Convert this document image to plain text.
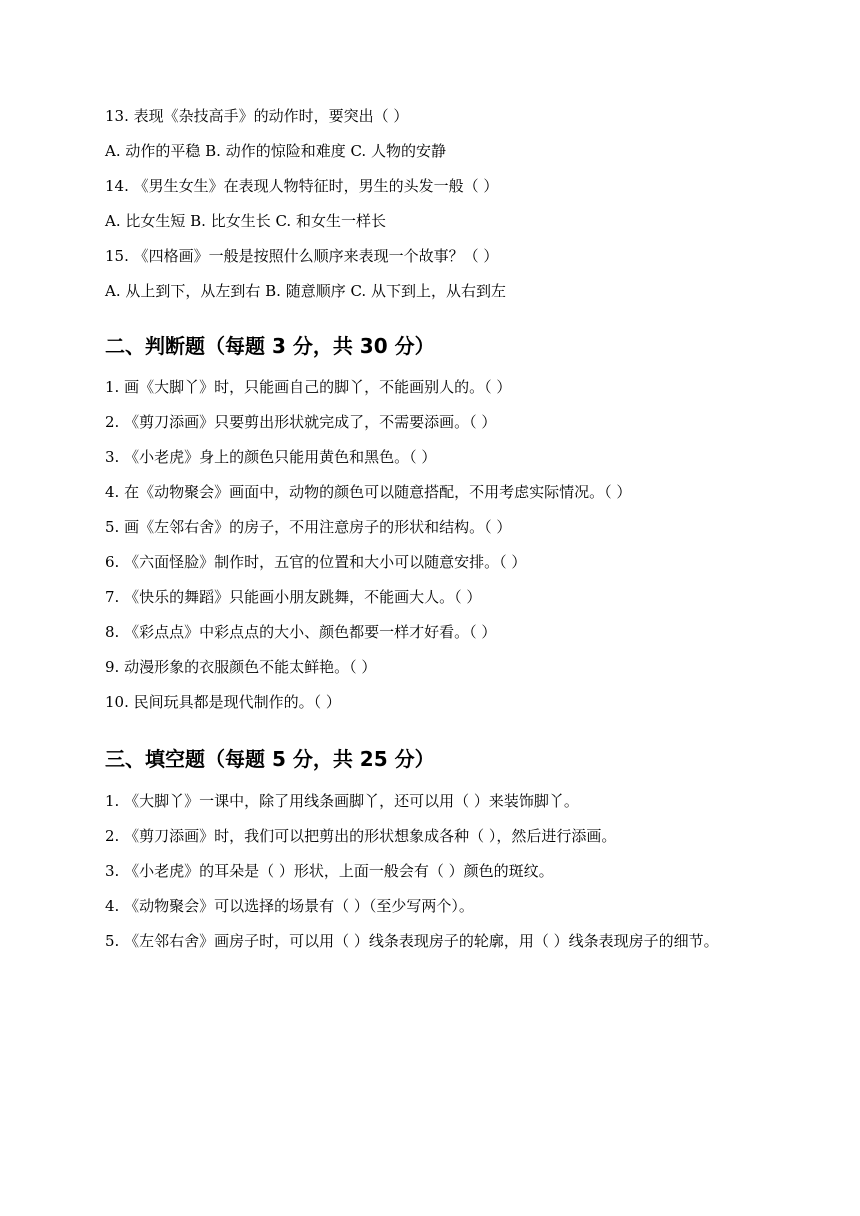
13. 表现《杂技高手》的动作时，要突出（ ）
A. 动作的平稳 B. 动作的惊险和难度 C. 人物的安静
14. 《男生女生》在表现人物特征时，男生的头发一般（ ）
A. 比女生短 B. 比女生长 C. 和女生一样长
15. 《四格画》一般是按照什么顺序来表现一个故事？（ ）
A. 从上到下，从左到右 B. 随意顺序 C. 从下到上，从右到左
二、判断题（每题 3 分，共 30 分）
1. 画《大脚丫》时，只能画自己的脚丫，不能画别人的。（ ）
2. 《剪刀添画》只要剪出形状就完成了，不需要添画。（ ）
3. 《小老虎》身上的颜色只能用黄色和黑色。（ ）
4. 在《动物聚会》画面中，动物的颜色可以随意搭配，不用考虑实际情况。（ ）
5. 画《左邻右舍》的房子，不用注意房子的形状和结构。（ ）
6. 《六面怪脸》制作时，五官的位置和大小可以随意安排。（ ）
7. 《快乐的舞蹈》只能画小朋友跳舞，不能画大人。（ ）
8. 《彩点点》中彩点点的大小、颜色都要一样才好看。（ ）
9. 动漫形象的衣服颜色不能太鲜艳。（ ）
10. 民间玩具都是现代制作的。（ ）
三、填空题（每题 5 分，共 25 分）
1. 《大脚丫》一课中，除了用线条画脚丫，还可以用（ ）来装饰脚丫。
2. 《剪刀添画》时，我们可以把剪出的形状想象成各种（ ），然后进行添画。
3. 《小老虎》的耳朵是（ ）形状，上面一般会有（ ）颜色的斑纹。
4. 《动物聚会》可以选择的场景有（ ）（至少写两个）。
5. 《左邻右舍》画房子时，可以用（ ）线条表现房子的轮廓，用（ ）线条表现房子的细节。
